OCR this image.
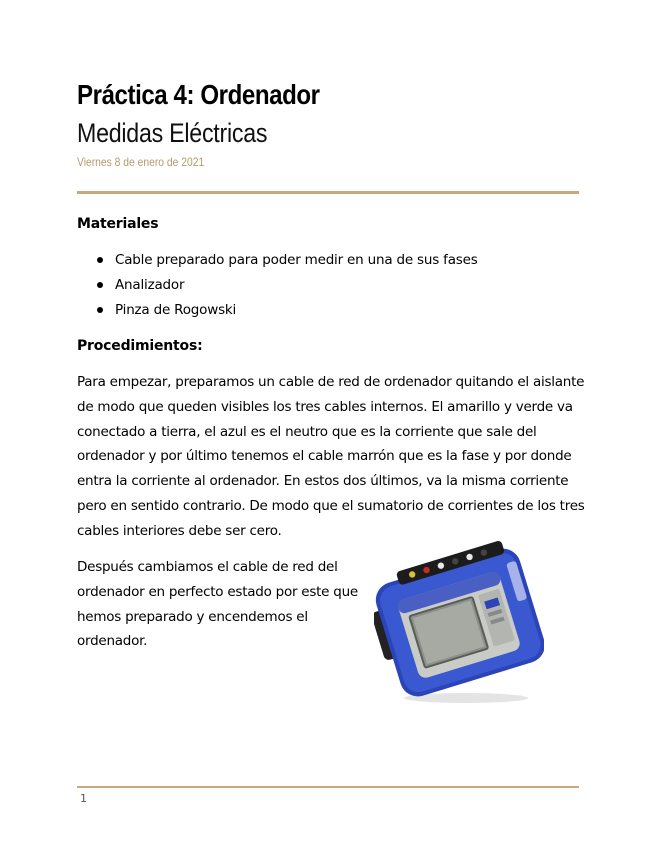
Práctica 4: Ordenador
Medidas Eléctricas
Viernes 8 de enero de 2021
Materiales
Cable preparado para poder medir en una de sus fases
Analizador
Pinza de Rogowski
Procedimientos:

Para empezar, preparamos un cable de red de ordenador quitando el aislante de modo que queden visibles los tres cables internos. El amarillo y verde va conectado a tierra, el azul es el neutro que es la corriente que sale del ordenador y por último tenemos el cable marrón que es la fase y por donde entra la corriente al ordenador. En estos dos últimos, va la misma corriente pero en sentido contrario. De modo que el sumatorio de corrientes de los tres cables interiores debe ser cero.

Después cambiamos el cable de red del ordenador en perfecto estado por este que hemos preparado y encendemos el ordenador.

1
